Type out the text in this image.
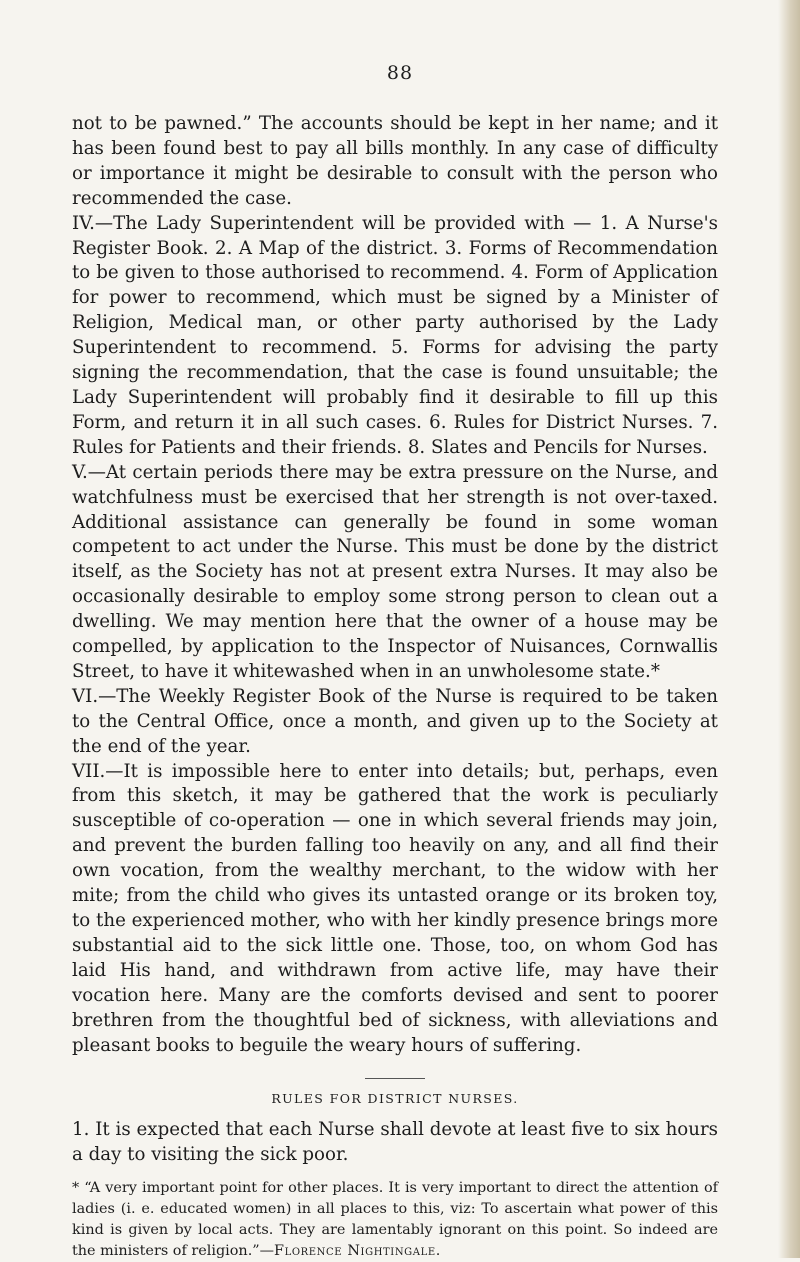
88

not to be pawned.” The accounts should be kept in her name; and it has been found best to pay all bills monthly. In any case of difficulty or importance it might be desirable to consult with the person who recommended the case.

IV.—The Lady Superintendent will be provided with — 1. A Nurse's Register Book. 2. A Map of the district. 3. Forms of Recommendation to be given to those authorised to recommend. 4. Form of Application for power to recommend, which must be signed by a Minister of Religion, Medical man, or other party authorised by the Lady Superintendent to recommend. 5. Forms for advising the party signing the recommendation, that the case is found unsuitable; the Lady Superintendent will probably find it desirable to fill up this Form, and return it in all such cases. 6. Rules for District Nurses. 7. Rules for Patients and their friends. 8. Slates and Pencils for Nurses.

V.—At certain periods there may be extra pressure on the Nurse, and watchfulness must be exercised that her strength is not over-taxed. Additional assistance can generally be found in some woman competent to act under the Nurse. This must be done by the district itself, as the Society has not at present extra Nurses. It may also be occasionally desirable to employ some strong person to clean out a dwelling. We may mention here that the owner of a house may be compelled, by application to the Inspector of Nuisances, Cornwallis Street, to have it whitewashed when in an unwholesome state.*

VI.—The Weekly Register Book of the Nurse is required to be taken to the Central Office, once a month, and given up to the Society at the end of the year.

VII.—It is impossible here to enter into details; but, perhaps, even from this sketch, it may be gathered that the work is peculiarly susceptible of co-operation — one in which several friends may join, and prevent the burden falling too heavily on any, and all find their own vocation, from the wealthy merchant, to the widow with her mite; from the child who gives its untasted orange or its broken toy, to the experienced mother, who with her kindly presence brings more substantial aid to the sick little one. Those, too, on whom God has laid His hand, and withdrawn from active life, may have their vocation here. Many are the comforts devised and sent to poorer brethren from the thoughtful bed of sickness, with alleviations and pleasant books to beguile the weary hours of suffering.

RULES FOR DISTRICT NURSES.

1. It is expected that each Nurse shall devote at least five to six hours a day to visiting the sick poor.

* “A very important point for other places. It is very important to direct the attention of ladies (i. e. educated women) in all places to this, viz: To ascertain what power of this kind is given by local acts. They are lamentably ignorant on this point. So indeed are the ministers of religion.”—Florence Nightingale.
